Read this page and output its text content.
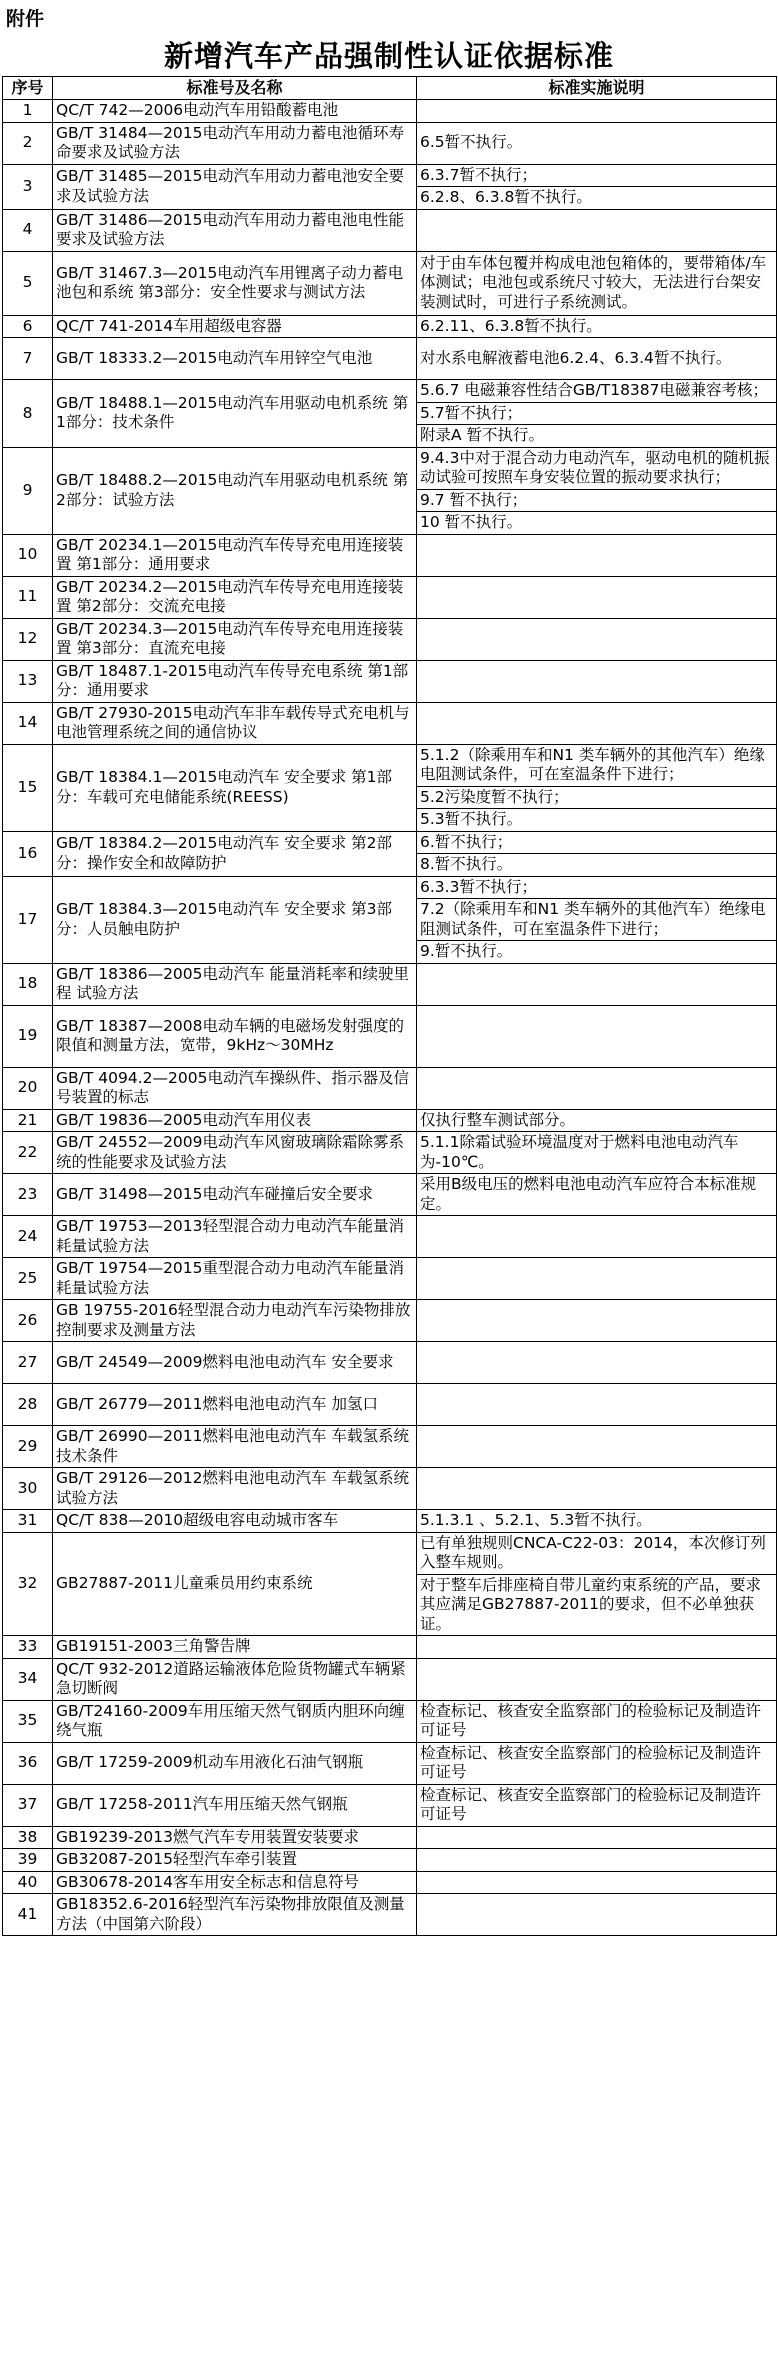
附件
新增汽车产品强制性认证依据标准
序号	标准号及名称	标准实施说明
1	QC/T 742—2006电动汽车用铅酸蓄电池	

2	GB/T 31484—2015电动汽车用动力蓄电池循环寿命要求及试验方法	6.5暂不执行。

3	GB/T 31485—2015电动汽车用动力蓄电池安全要求及试验方法	6.3.7暂不执行；
6.2.8、6.3.8暂不执行。

4	GB/T 31486—2015电动汽车用动力蓄电池电性能要求及试验方法	

5	GB/T 31467.3—2015电动汽车用锂离子动力蓄电池包和系统 第3部分：安全性要求与测试方法	对于由车体包覆并构成电池包箱体的，要带箱体/车体测试；电池包或系统尺寸较大，无法进行台架安装测试时，可进行子系统测试。

6	QC/T 741-2014车用超级电容器	6.2.11、6.3.8暂不执行。

7	GB/T 18333.2—2015电动汽车用锌空气电池	对水系电解液蓄电池6.2.4、6.3.4暂不执行。

8	GB/T 18488.1—2015电动汽车用驱动电机系统 第1部分：技术条件	5.6.7 电磁兼容性结合GB/T18387电磁兼容考核；
5.7暂不执行；
附录A 暂不执行。

9	GB/T 18488.2—2015电动汽车用驱动电机系统 第2部分：试验方法	9.4.3中对于混合动力电动汽车，驱动电机的随机振动试验可按照车身安装位置的振动要求执行；
9.7 暂不执行；
10 暂不执行。

10	GB/T 20234.1—2015电动汽车传导充电用连接装置 第1部分：通用要求	

11	GB/T 20234.2—2015电动汽车传导充电用连接装置 第2部分：交流充电接	

12	GB/T 20234.3—2015电动汽车传导充电用连接装置 第3部分：直流充电接	

13	GB/T 18487.1-2015电动汽车传导充电系统 第1部分：通用要求	

14	GB/T 27930-2015电动汽车非车载传导式充电机与电池管理系统之间的通信协议	

15	GB/T 18384.1—2015电动汽车 安全要求 第1部分：车载可充电储能系统(REESS)	5.1.2（除乘用车和N1 类车辆外的其他汽车）绝缘电阻测试条件，可在室温条件下进行；
5.2污染度暂不执行；
5.3暂不执行。

16	GB/T 18384.2—2015电动汽车 安全要求 第2部分：操作安全和故障防护	6.暂不执行；
8.暂不执行。

17	GB/T 18384.3—2015电动汽车 安全要求 第3部分：人员触电防护	6.3.3暂不执行；
7.2（除乘用车和N1 类车辆外的其他汽车）绝缘电阻测试条件，可在室温条件下进行；
9.暂不执行。

18	GB/T 18386—2005电动汽车 能量消耗率和续驶里程 试验方法	

19	GB/T 18387—2008电动车辆的电磁场发射强度的限值和测量方法，宽带，9kHz～30MHz	

20	GB/T 4094.2—2005电动汽车操纵件、指示器及信号装置的标志	

21	GB/T 19836—2005电动汽车用仪表	仅执行整车测试部分。

22	GB/T 24552—2009电动汽车风窗玻璃除霜除雾系统的性能要求及试验方法	5.1.1除霜试验环境温度对于燃料电池电动汽车为-10℃。

23	GB/T 31498—2015电动汽车碰撞后安全要求	采用B级电压的燃料电池电动汽车应符合本标准规定。

24	GB/T 19753—2013轻型混合动力电动汽车能量消耗量试验方法	

25	GB/T 19754—2015重型混合动力电动汽车能量消耗量试验方法	

26	GB 19755-2016轻型混合动力电动汽车污染物排放控制要求及测量方法	

27	GB/T 24549—2009燃料电池电动汽车 安全要求	

28	GB/T 26779—2011燃料电池电动汽车 加氢口	

29	GB/T 26990—2011燃料电池电动汽车 车载氢系统 技术条件	

30	GB/T 29126—2012燃料电池电动汽车 车载氢系统 试验方法	

31	QC/T 838—2010超级电容电动城市客车	5.1.3.1 、5.2.1、5.3暂不执行。

32	GB27887-2011儿童乘员用约束系统	已有单独规则CNCA-C22-03：2014，本次修订列入整车规则。
对于整车后排座椅自带儿童约束系统的产品，要求其应满足GB27887-2011的要求，但不必单独获证。

33	GB19151-2003三角警告牌	

34	QC/T 932-2012道路运输液体危险货物罐式车辆紧急切断阀	

35	GB/T24160-2009车用压缩天然气钢质内胆环向缠绕气瓶	检查标记、核查安全监察部门的检验标记及制造许可证号

36	GB/T 17259-2009机动车用液化石油气钢瓶	检查标记、核查安全监察部门的检验标记及制造许可证号

37	GB/T 17258-2011汽车用压缩天然气钢瓶	检查标记、核查安全监察部门的检验标记及制造许可证号

38	GB19239-2013燃气汽车专用装置安装要求	

39	GB32087-2015轻型汽车牵引装置	

40	GB30678-2014客车用安全标志和信息符号	

41	GB18352.6-2016轻型汽车污染物排放限值及测量方法（中国第六阶段）	
